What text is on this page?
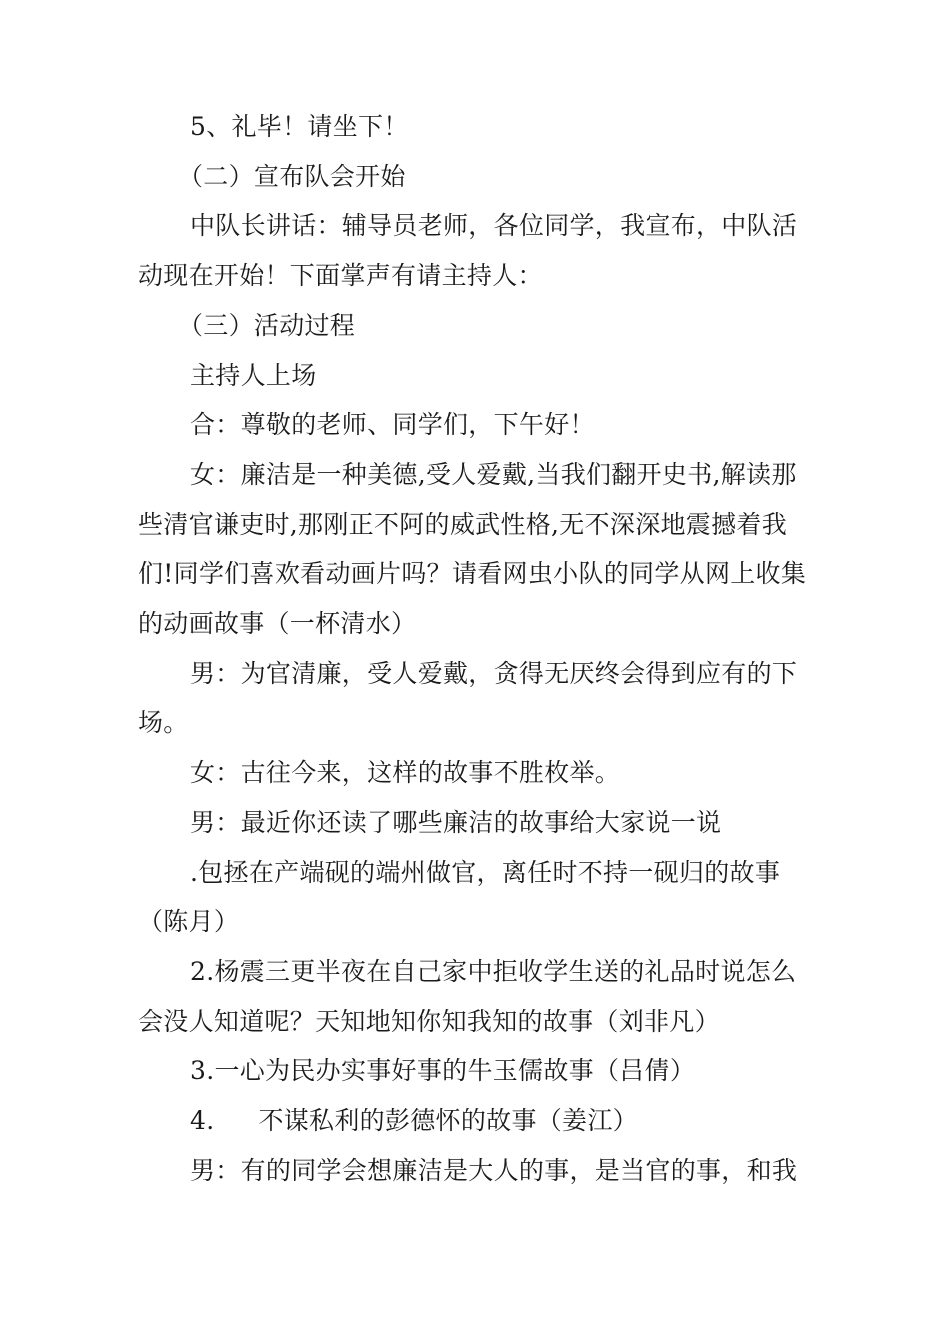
5、礼毕！请坐下！
（二）宣布队会开始
中队长讲话：辅导员老师，各位同学，我宣布，中队活
动现在开始！下面掌声有请主持人：
（三）活动过程
主持人上场
合：尊敬的老师、同学们，下午好！
女：廉洁是一种美德,受人爱戴,当我们翻开史书,解读那
些清官谦吏时,那刚正不阿的威武性格,无不深深地震撼着我
们!同学们喜欢看动画片吗？请看网虫小队的同学从网上收集
的动画故事（一杯清水）
男：为官清廉，受人爱戴，贪得无厌终会得到应有的下
场。
女：古往今来，这样的故事不胜枚举。
男：最近你还读了哪些廉洁的故事给大家说一说
.包拯在产端砚的端州做官，离任时不持一砚归的故事
（陈月）
2.杨震三更半夜在自己家中拒收学生送的礼品时说怎么
会没人知道呢？天知地知你知我知的故事（刘非凡）
3.一心为民办实事好事的牛玉儒故事（吕倩）
4. 不谋私利的彭德怀的故事（姜江）
男：有的同学会想廉洁是大人的事，是当官的事，和我
